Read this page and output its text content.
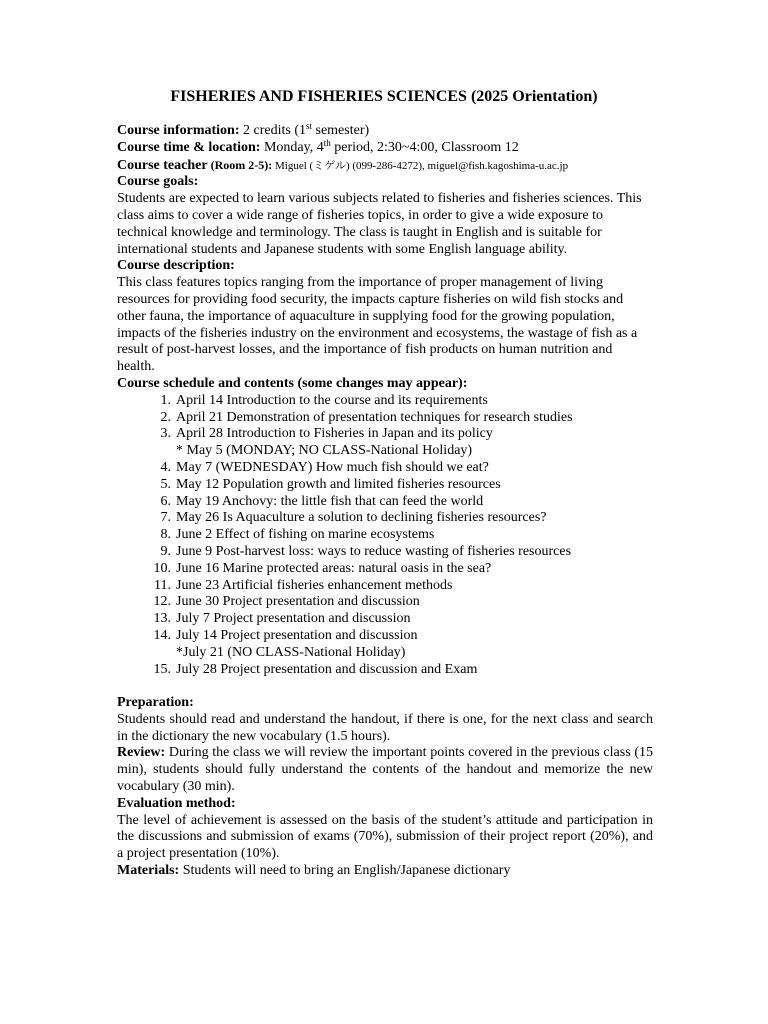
FISHERIES AND FISHERIES SCIENCES (2025 Orientation)
Course information: 2 credits (1st semester)
Course time & location: Monday, 4th period, 2:30~4:00, Classroom 12
Course teacher (Room 2-5): Miguel (ミゲル) (099-286-4272), miguel@fish.kagoshima-u.ac.jp
Course goals:
Students are expected to learn various subjects related to fisheries and fisheries sciences. This class aims to cover a wide range of fisheries topics, in order to give a wide exposure to technical knowledge and terminology. The class is taught in English and is suitable for international students and Japanese students with some English language ability.
Course description:
This class features topics ranging from the importance of proper management of living resources for providing food security, the impacts capture fisheries on wild fish stocks and other fauna, the importance of aquaculture in supplying food for the growing population, impacts of the fisheries industry on the environment and ecosystems, the wastage of fish as a result of post-harvest losses, and the importance of fish products on human nutrition and health.
Course schedule and contents (some changes may appear):
1. April 14 Introduction to the course and its requirements
2. April 21 Demonstration of presentation techniques for research studies
3. April 28 Introduction to Fisheries in Japan and its policy
* May 5 (MONDAY; NO CLASS-National Holiday)
4. May 7 (WEDNESDAY) How much fish should we eat?
5. May 12 Population growth and limited fisheries resources
6. May 19 Anchovy: the little fish that can feed the world
7. May 26 Is Aquaculture a solution to declining fisheries resources?
8. June 2 Effect of fishing on marine ecosystems
9. June 9 Post-harvest loss: ways to reduce wasting of fisheries resources
10. June 16 Marine protected areas: natural oasis in the sea?
11. June 23 Artificial fisheries enhancement methods
12. June 30 Project presentation and discussion
13. July 7 Project presentation and discussion
14. July 14 Project presentation and discussion
*July 21 (NO CLASS-National Holiday)
15. July 28 Project presentation and discussion and Exam
Preparation:
Students should read and understand the handout, if there is one, for the next class and search in the dictionary the new vocabulary (1.5 hours).
Review: During the class we will review the important points covered in the previous class (15 min), students should fully understand the contents of the handout and memorize the new vocabulary (30 min).
Evaluation method:
The level of achievement is assessed on the basis of the student’s attitude and participation in the discussions and submission of exams (70%), submission of their project report (20%), and a project presentation (10%).
Materials: Students will need to bring an English/Japanese dictionary
